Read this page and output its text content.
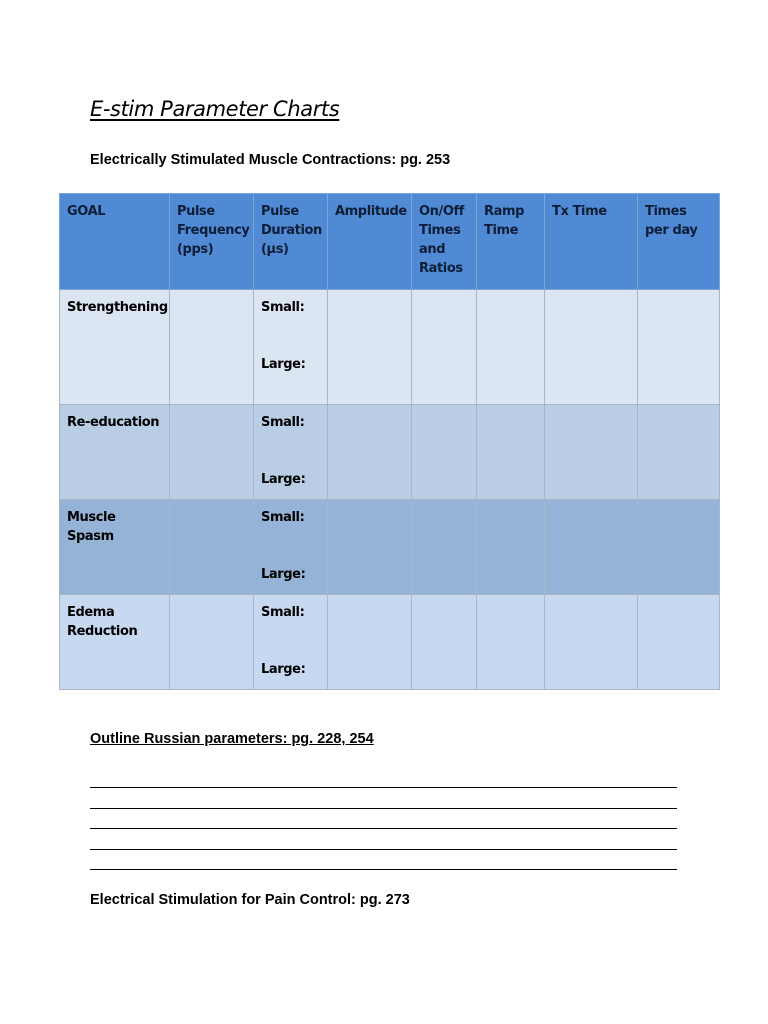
E-stim Parameter Charts
Electrically Stimulated Muscle Contractions: pg. 253
GOAL	Pulse Frequency (pps)	Pulse Duration (µs)	Amplitude	On/Off Times and Ratios	Ramp Time	Tx Time	Times per day
Strengthening		Small:
Large:					

Re-education		Small:
Large:					

Muscle Spasm		Small:
Large:					

Edema Reduction		Small:
Large:					

Outline Russian parameters: pg. 228, 254
Electrical Stimulation for Pain Control: pg. 273
